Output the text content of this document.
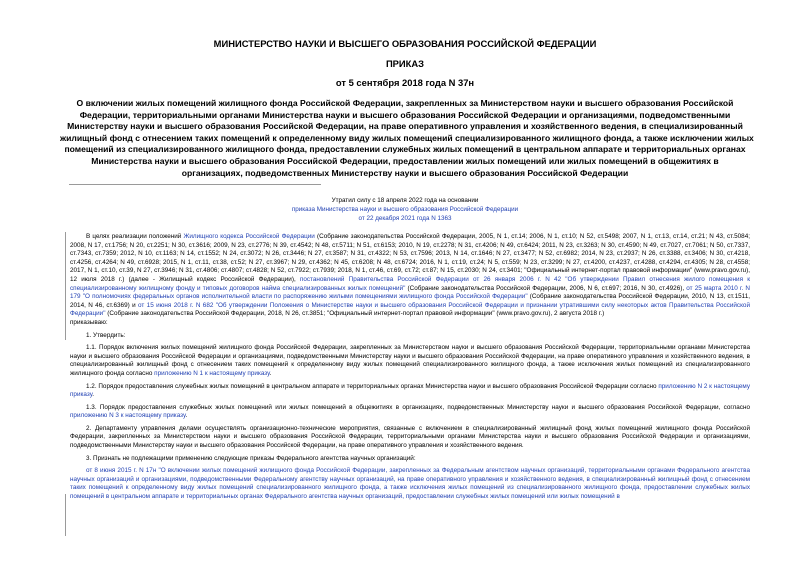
МИНИСТЕРСТВО НАУКИ И ВЫСШЕГО ОБРАЗОВАНИЯ РОССИЙСКОЙ ФЕДЕРАЦИИ
ПРИКАЗ
от 5 сентября 2018 года N 37н
О включении жилых помещений жилищного фонда Российской Федерации, закрепленных за Министерством науки и высшего образования Российской
Федерации, территориальными органами Министерства науки и высшего образования Российской Федерации и организациями, подведомственными
Министерству науки и высшего образования Российской Федерации, на праве оперативного управления и хозяйственного ведения, в специализированный
жилищный фонд с отнесением таких помещений к определенному виду жилых помещений специализированного жилищного фонда, а также исключении жилых
помещений из специализированного жилищного фонда, предоставлении служебных жилых помещений в центральном аппарате и территориальных органах
Министерства науки и высшего образования Российской Федерации, предоставлении жилых помещений или жилых помещений в общежитиях в
организациях, подведомственных Министерству науки и высшего образования Российской Федерации
Утратил силу с 18 апреля 2022 года на основании
приказа Министерства науки и высшего образования Российской Федерации
от 22 декабря 2021 года N 1363

В целях реализации положений Жилищного кодекса Российской Федерации (Собрание законодательства Российской Федерации, 2005, N 1, ст.14; 2006, N 1, ст.10; N 52, ст.5498; 2007, N 1, ст.13, ст.14, ст.21; N 43, ст.5084; 2008, N 17, ст.1756; N 20, ст.2251; N 30, ст.3616; 2009, N 23, ст.2776; N 39, ст.4542; N 48, ст.5711; N 51, ст.6153; 2010, N 19, ст.2278; N 31, ст.4206; N 49, ст.6424; 2011, N 23, ст.3263; N 30, ст.4590; N 49, ст.7027, ст.7061; N 50, ст.7337, ст.7343, ст.7359; 2012, N 10, ст.1163; N 14, ст.1552; N 24, ст.3072; N 26, ст.3446; N 27, ст.3587; N 31, ст.4322; N 53, ст.7596; 2013, N 14, ст.1646; N 27, ст.3477; N 52, ст.6982; 2014, N 23, ст.2937; N 26, ст.3388, ст.3406; N 30, ст.4218, ст.4256, ст.4264; N 49, ст.6928; 2015, N 1, ст.11, ст.38, ст.52; N 27, ст.3967; N 29, ст.4362; N 45, ст.6208; N 48, ст.6724; 2016, N 1, ст.19, ст.24; N 5, ст.559; N 23, ст.3299; N 27, ст.4200, ст.4237, ст.4288, ст.4294, ст.4305; N 28, ст.4558; 2017, N 1, ст.10, ст.39, N 27, ст.3946; N 31, ст.4806; ст.4807; ст.4828; N 52, ст.7922; ст.7939; 2018, N 1, ст.46, ст.69, ст.72; ст.87; N 15, ст.2030; N 24, ст.3401; "Официальный интернет-портал правовой информации" (www.pravo.gov.ru), 12 июля 2018 г.) (далее - Жилищный кодекс Российской Федерации), постановлений Правительства Российской Федерации от 26 января 2006 г. N 42 "Об утверждении Правил отнесения жилого помещения к специализированному жилищному фонду и типовых договоров найма специализированных жилых помещений" (Собрание законодательства Российской Федерации, 2006, N 6, ст.697; 2016, N 30, ст.4926), от 25 марта 2010 г. N 179 "О полномочиях федеральных органов исполнительной власти по распоряжению жилыми помещениями жилищного фонда Российской Федерации" (Собрание законодательства Российской Федерации, 2010, N 13, ст.1511, 2014, N 46, ст.6369) и от 15 июня 2018 г. N 682 "Об утверждении Положения о Министерстве науки и высшего образования Российской Федерации и признании утратившими силу некоторых актов Правительства Российской Федерации" (Собрание законодательства Российской Федерации, 2018, N 26, ст.3851; "Официальный интернет-портал правовой информации" (www.pravo.gov.ru), 2 августа 2018 г.)

приказываю:

1. Утвердить:

1.1. Порядок включения жилых помещений жилищного фонда Российской Федерации, закрепленных за Министерством науки и высшего образования Российской Федерации, территориальными органами Министерства науки и высшего образования Российской Федерации и организациями, подведомственными Министерству науки и высшего образования Российской Федерации, на праве оперативного управления и хозяйственного ведения, в специализированный жилищный фонд с отнесением таких помещений к определенному виду жилых помещений специализированного жилищного фонда, а также исключения жилых помещений из специализированного жилищного фонда согласно приложению N 1 к настоящему приказу.

1.2. Порядок предоставления служебных жилых помещений в центральном аппарате и территориальных органах Министерства науки и высшего образования Российской Федерации согласно приложению N 2 к настоящему приказу.

1.3. Порядок предоставления служебных жилых помещений или жилых помещений в общежитиях в организациях, подведомственных Министерству науки и высшего образования Российской Федерации, согласно приложению N 3 к настоящему приказу.

2. Департаменту управления делами осуществлять организационно-технические мероприятия, связанные с включением в специализированный жилищный фонд жилых помещений жилищного фонда Российской Федерации, закрепленных за Министерством науки и высшего образования Российской Федерации, территориальными органами Министерства науки и высшего образования Российской Федерации и организациями, подведомственными Министерству науки и высшего образования Российской Федерации, на праве оперативного управления и хозяйственного ведения.

3. Признать не подлежащими применению следующие приказы Федерального агентства научных организаций:

от 8 июня 2015 г. N 17н "О включении жилых помещений жилищного фонда Российской Федерации, закрепленных за Федеральным агентством научных организаций, территориальными органами Федерального агентства научных организаций и организациями, подведомственными Федеральному агентству научных организаций, на праве оперативного управления и хозяйственного ведения, в специализированный жилищный фонд с отнесением таких помещений к определенному виду жилых помещений специализированного жилищного фонда, а также исключения жилых помещений из специализированного жилищного фонда, предоставлении служебных жилых помещений в центральном аппарате и территориальных органах Федерального агентства научных организаций, предоставлении служебных жилых помещений или жилых помещений в
